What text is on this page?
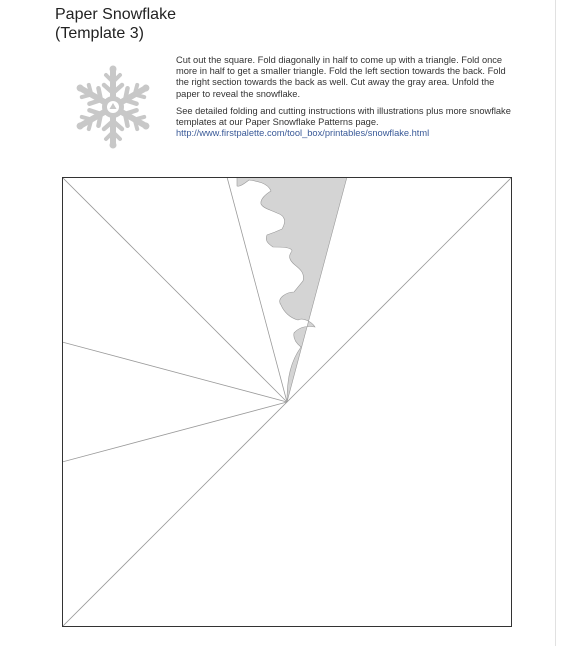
Paper Snowflake
(Template 3)

Cut out the square. Fold diagonally in half to come up with a triangle. Fold once more in half to get a smaller triangle. Fold the left section towards the back. Fold the right section towards the back as well. Cut away the gray area. Unfold the paper to reveal the snowflake.

See detailed folding and cutting instructions with illustrations plus more snowflake templates at our Paper Snowflake Patterns page.
http://www.firstpalette.com/tool_box/printables/snowflake.html
